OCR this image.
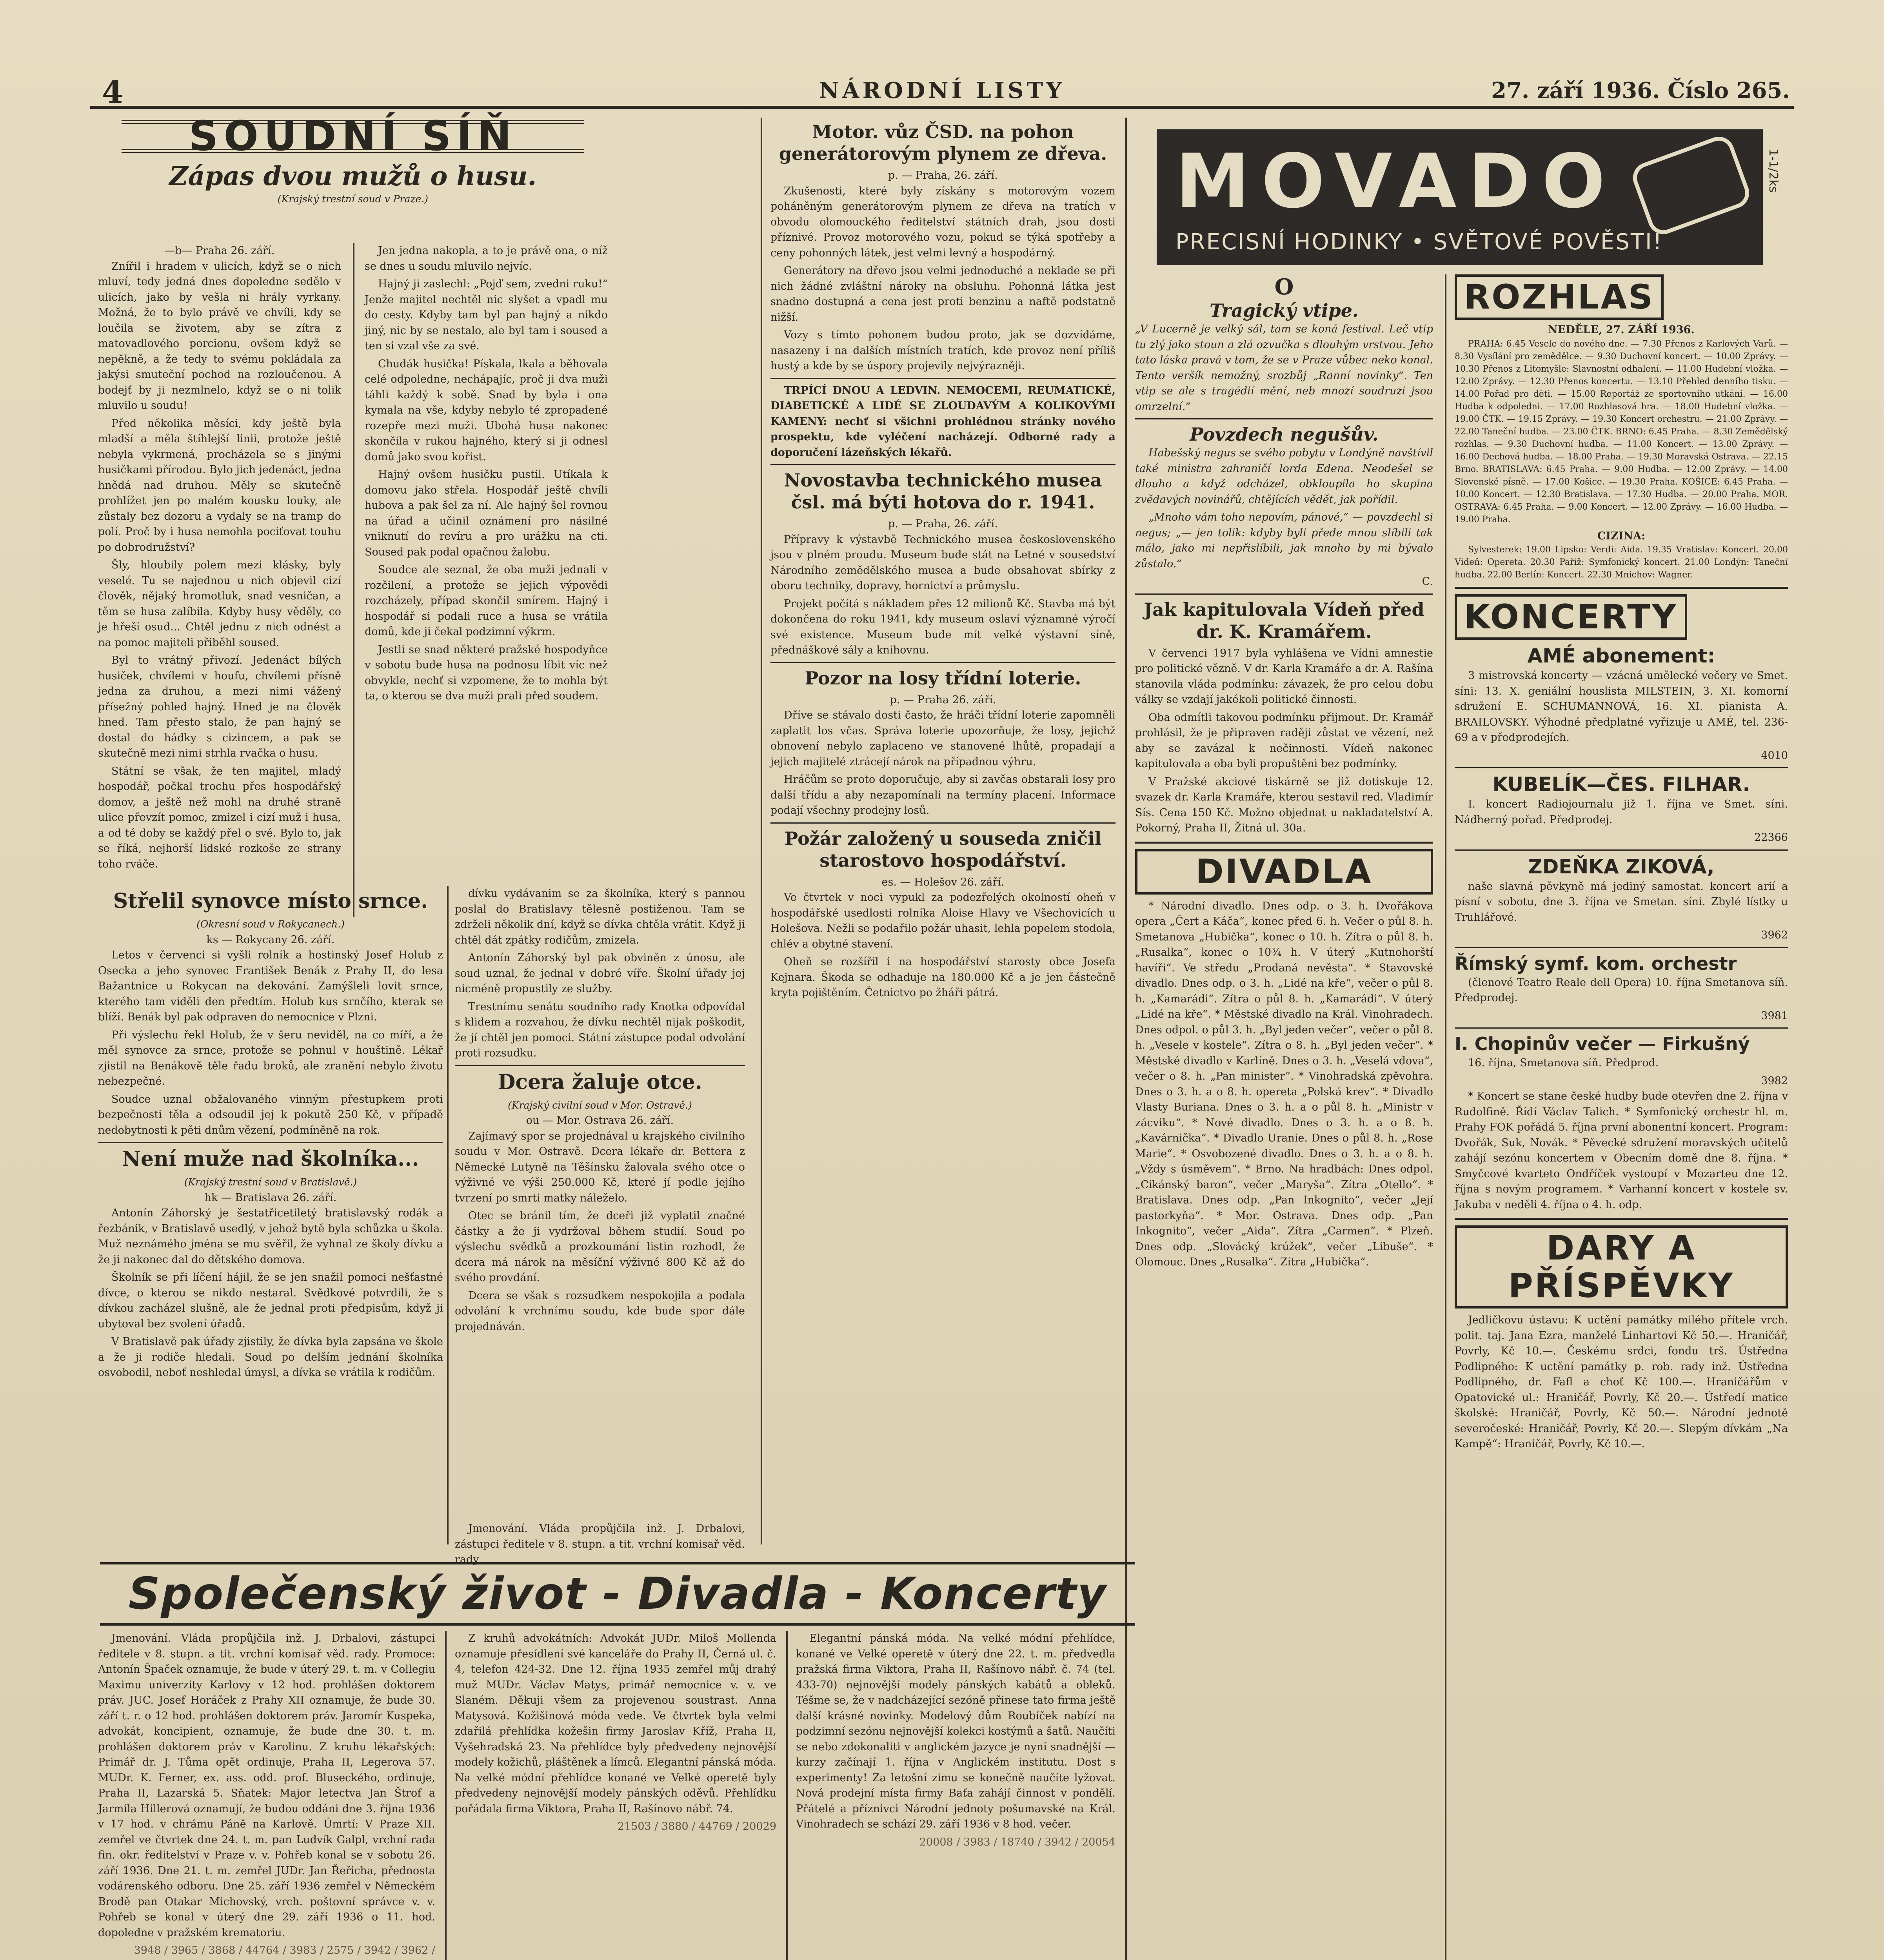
4	NÁRODNÍ LISTY	27. září 1936. Číslo 265.
SOUDNÍ SÍŇ
Zápas dvou mužů o husu.
(Krajský trestní soud v Praze.)
—b— Praha 26. září.

Znířil i hradem v ulicích, když se o nich mluví, tedy jedná dnes dopoledne sedělo v ulicích, jako by vešla ni hrály vyrkany. Možná, že to bylo právě ve chvíli, kdy se loučila se životem, aby se zítra z matovadlového porcionu, ovšem když se nepěkně, a že tedy to svému pokládala za jakýsi smuteční pochod na rozloučenou. A bodejť by ji nezmlnelo, když se o ni tolik mluvilo u soudu!

Před několika měsíci, kdy ještě byla mladší a měla štíhlejší linii, protože ještě nebyla vykrmená, procházela se s jinými husičkami přírodou. Bylo jich jedenáct, jedna hnědá nad druhou. Měly se skutečně prohlížet jen po malém kousku louky, ale zůstaly bez dozoru a vydaly se na tramp do polí. Proč by i husa nemohla pociťovat touhu po dobrodružství?

Šly, hloubily polem mezi klásky, byly veselé. Tu se najednou u nich objevil cizí člověk, nějaký hromotluk, snad vesničan, a těm se husa zalíbila. Kdyby husy věděly, co je hřeší osud... Chtěl jednu z nich odnést a na pomoc majiteli přiběhl soused.

Byl to vrátný přivozí. Jedenáct bílých husiček, chvílemi v houfu, chvílemi přísně jedna za druhou, a mezi nimi vážený přísežný pohled hajný. Hned je na člověk hned. Tam přesto stalo, že pan hajný se dostal do hádky s cizincem, a pak se skutečně mezi nimi strhla rvačka o husu.

Státní se však, že ten majitel, mladý hospodář, počkal trochu přes hospodářský domov, a ještě než mohl na druhé straně ulice převzít pomoc, zmizel i cizí muž i husa, a od té doby se každý přel o své. Bylo to, jak se říká, nejhorší lidské rozkoše ze strany toho rváče.

Jen jedna nakopla, a to je právě ona, o níž se dnes u soudu mluvilo nejvíc.

Hajný ji zaslechl: „Pojď sem, zvedni ruku!“ Jenže majitel nechtěl nic slyšet a vpadl mu do cesty. Kdyby tam byl pan hajný a nikdo jiný, nic by se nestalo, ale byl tam i soused a ten si vzal vše za své.

Chudák husička! Pískala, lkala a běhovala celé odpoledne, nechápajíc, proč ji dva muži táhli každý k sobě. Snad by byla i ona kymala na vše, kdyby nebylo té zpropadené rozepře mezi muži. Ubohá husa nakonec skončila v rukou hajného, který si ji odnesl domů jako svou kořist.

Hajný ovšem husičku pustil. Utíkala k domovu jako střela. Hospodář ještě chvíli hubova a pak šel za ní. Ale hajný šel rovnou na úřad a učinil oznámení pro násilné vniknutí do revíru a pro urážku na cti. Soused pak podal opačnou žalobu.

Soudce ale seznal, že oba muži jednali v rozčilení, a protože se jejich výpovědi rozcházely, případ skončil smírem. Hajný i hospodář si podali ruce a husa se vrátila domů, kde ji čekal podzimní výkrm.

Jestli se snad některé pražské hospodyňce v sobotu bude husa na podnosu líbit víc než obvykle, nechť si vzpomene, že to mohla být ta, o kterou se dva muži prali před soudem.

Střelil synovce místo srnce.
(Okresní soud v Rokycanech.)
ks — Rokycany 26. září.

Letos v červenci si vyšli rolník a hostinský Josef Holub z Osecka a jeho synovec František Benák z Prahy II, do lesa Bažantnice u Rokycan na dekování. Zamýšleli lovit srnce, kterého tam viděli den předtím. Holub kus srnčího, kterak se blíží. Benák byl pak odpraven do nemocnice v Plzni.

Při výslechu řekl Holub, že v šeru neviděl, na co míří, a že měl synovce za srnce, protože se pohnul v houštině. Lékař zjistil na Benákově těle řadu broků, ale zranění nebylo životu nebezpečné.

Soudce uznal obžalovaného vinným přestupkem proti bezpečnosti těla a odsoudil jej k pokutě 250 Kč, v případě nedobytnosti k pěti dnům vězení, podmíněně na rok.

Není muže nad školníka...
(Krajský trestní soud v Bratislavě.)
hk — Bratislava 26. září.

Antonín Záhorský je šestatřicetiletý bratislavský rodák a řezbánik, v Bratislavě usedlý, v jehož bytě byla schůzka u škola. Muž neznámého jména se mu svěřil, že vyhnal ze školy dívku a že ji nakonec dal do dětského domova.

Školník se při líčení hájil, že se jen snažil pomoci nešťastné dívce, o kterou se nikdo nestaral. Svědkové potvrdili, že s dívkou zacházel slušně, ale že jednal proti předpisům, když ji ubytoval bez svolení úřadů.

V Bratislavě pak úřady zjistily, že dívka byla zapsána ve škole a že ji rodiče hledali. Soud po delším jednání školníka osvobodil, neboť neshledal úmysl, a dívka se vrátila k rodičům.

dívku vydávanim se za školníka, který s pannou poslal do Bratislavy tělesně postiženou. Tam se zdrželi několik dní, když se dívka chtěla vrátit. Když ji chtěl dát zpátky rodičům, zmizela.

Antonín Záhorský byl pak obviněn z únosu, ale soud uznal, že jednal v dobré víře. Školní úřady jej nicméně propustily ze služby.

Trestnímu senátu soudního rady Knotka odpovídal s klidem a rozvahou, že dívku nechtěl nijak poškodit, že jí chtěl jen pomoci. Státní zástupce podal odvolání proti rozsudku.

Dcera žaluje otce.
(Krajský civilní soud v Mor. Ostravě.)
ou — Mor. Ostrava 26. září.

Zajímavý spor se projednával u krajského civilního soudu v Mor. Ostravě. Dcera lékaře dr. Bettera z Německé Lutyně na Těšínsku žalovala svého otce o výživné ve výši 250.000 Kč, které jí podle jejího tvrzení po smrti matky náleželo.

Otec se bránil tím, že dceři již vyplatil značné částky a že ji vydržoval během studií. Soud po výslechu svědků a prozkoumání listin rozhodl, že dcera má nárok na měsíční výživné 800 Kč až do svého provdání.

Dcera se však s rozsudkem nespokojila a podala odvolání k vrchnímu soudu, kde bude spor dále projednáván.

Motor. vůz ČSD. na pohon generátorovým plynem ze dřeva.
p. — Praha, 26. září.

Zkušenosti, které byly získány s motorovým vozem poháněným generátorovým plynem ze dřeva na tratích v obvodu olomouckého ředitelství státních drah, jsou dosti příznivé. Provoz motorového vozu, pokud se týká spotřeby a ceny pohonných látek, jest velmi levný a hospodárný.

Generátory na dřevo jsou velmi jednoduché a neklade se při nich žádné zvláštní nároky na obsluhu. Pohonná látka jest snadno dostupná a cena jest proti benzinu a naftě podstatně nižší.

Vozy s tímto pohonem budou proto, jak se dozvídáme, nasazeny i na dalších místních tratích, kde provoz není příliš hustý a kde by se úspory projevily nejvýrazněji.

TRPÍCÍ DNOU A LEDVIN. NEMOCEMI, REUMATICKÉ, DIABETICKÉ A LIDÉ SE ZLOUDAVÝM A KOLIKOVÝMI KAMENY: nechť si všichni prohlédnou stránky nového prospektu, kde vyléčení nacházejí. Odborné rady a doporučení lázeňských lékařů.

Novostavba technického musea čsl. má býti hotova do r. 1941.
p. — Praha, 26. září.

Přípravy k výstavbě Technického musea československého jsou v plném proudu. Museum bude stát na Letné v sousedství Národního zemědělského musea a bude obsahovat sbírky z oboru techniky, dopravy, hornictví a průmyslu.

Projekt počítá s nákladem přes 12 milionů Kč. Stavba má být dokončena do roku 1941, kdy museum oslaví významné výročí své existence. Museum bude mít velké výstavní síně, přednáškové sály a knihovnu.

Pozor na losy třídní loterie.
p. — Praha 26. září.

Dříve se stávalo dosti často, že hráči třídní loterie zapomněli zaplatit los včas. Správa loterie upozorňuje, že losy, jejichž obnovení nebylo zaplaceno ve stanovené lhůtě, propadají a jejich majitelé ztrácejí nárok na případnou výhru.

Hráčům se proto doporučuje, aby si zavčas obstarali losy pro další třídu a aby nezapomínali na termíny placení. Informace podají všechny prodejny losů.

Požár založený u souseda zničil starostovo hospodářství.
es. — Holešov 26. září.

Ve čtvrtek v noci vypukl za podezřelých okolností oheň v hospodářské usedlosti rolníka Aloise Hlavy ve Všechovicích u Holešova. Nežli se podařilo požár uhasit, lehla popelem stodola, chlév a obytné stavení.

Oheň se rozšířil i na hospodářství starosty obce Josefa Kejnara. Škoda se odhaduje na 180.000 Kč a je jen částečně kryta pojištěním. Četnictvo po žháři pátrá.

MOVADO
PRECISNÍ HODINKY • SVĚTOVÉ POVĚSTI!
1-1/2ks
O
Tragický vtipe.

„V Lucerně je velký sál, tam se koná festival. Leč vtip tu zlý jako stoun a zlá ozvučka s dlouhým vrstvou. Jeho tato láska pravá v tom, že se v Praze vůbec neko konal. Tento veršík nemožný, srozbůj „Ranní novinky“. Ten vtip se ale s tragédií mění, neb mnozí soudruzi jsou omrzelní.“

Povzdech negušův.

Habešský negus se svého pobytu v Londýně navštívil také ministra zahraničí lorda Edena. Neodešel se dlouho a když odcházel, obkloupila ho skupina zvědavých novinářů, chtějících vědět, jak pořídil.

„Mnoho vám toho nepovím, pánové,“ — povzdechl si negus; „— jen tolik: kdyby byli přede mnou slíbili tak málo, jako mi nepřislíbili, jak mnoho by mi bývalo zůstalo.“

C.
Jak kapitulovala Vídeň před dr. K. Kramářem.

V červenci 1917 byla vyhlášena ve Vídni amnestie pro politické vězně. V dr. Karla Kramáře a dr. A. Rašína stanovila vláda podmínku: závazek, že pro celou dobu války se vzdají jakékoli politické činnosti.

Oba odmítli takovou podmínku přijmout. Dr. Kramář prohlásil, že je připraven raději zůstat ve vězení, než aby se zavázal k nečinnosti. Vídeň nakonec kapitulovala a oba byli propuštěni bez podmínky.

V Pražské akciové tiskárně se již dotiskuje 12. svazek dr. Karla Kramáře, kterou sestavil red. Vladimír Sís. Cena 150 Kč. Možno objednat u nakladatelství A. Pokorný, Praha II, Žitná ul. 30a.

DIVADLA

* Národní divadlo. Dnes odp. o 3. h. Dvořákova opera „Čert a Káča“, konec před 6. h. Večer o půl 8. h. Smetanova „Hubička“, konec o 10. h. Zítra o půl 8. h. „Rusalka“, konec o 10¾ h. V úterý „Kutnohorští havíři“. Ve středu „Prodaná nevěsta“. * Stavovské divadlo. Dnes odp. o 3. h. „Lidé na kře“, večer o půl 8. h. „Kamarádi“. Zítra o půl 8. h. „Kamarádi“. V úterý „Lidé na kře“. * Městské divadlo na Král. Vinohradech. Dnes odpol. o půl 3. h. „Byl jeden večer“, večer o půl 8. h. „Vesele v kostele“. Zítra o 8. h. „Byl jeden večer“. * Městské divadlo v Karlíně. Dnes o 3. h. „Veselá vdova“, večer o 8. h. „Pan minister“. * Vinohradská zpěvohra. Dnes o 3. h. a o 8. h. opereta „Polská krev“. * Divadlo Vlasty Buriana. Dnes o 3. h. a o půl 8. h. „Ministr v zácviku“. * Nové divadlo. Dnes o 3. h. a o 8. h. „Kavárnička“. * Divadlo Uranie. Dnes o půl 8. h. „Rose Marie“. * Osvobozené divadlo. Dnes o 3. h. a o 8. h. „Vždy s úsměvem“. * Brno. Na hradbách: Dnes odpol. „Cikánský baron“, večer „Maryša“. Zítra „Otello“. * Bratislava. Dnes odp. „Pan Inkognito“, večer „Její pastorkyňa“. * Mor. Ostrava. Dnes odp. „Pan Inkognito“, večer „Aida“. Zítra „Carmen“. * Plzeň. Dnes odp. „Slovácký krúžek“, večer „Libuše“. * Olomouc. Dnes „Rusalka“. Zítra „Hubička“.

ROZHLAS
NEDĚLE, 27. ZÁŘÍ 1936.

PRAHA: 6.45 Vesele do nového dne. — 7.30 Přenos z Karlových Varů. — 8.30 Vysílání pro zemědělce. — 9.30 Duchovní koncert. — 10.00 Zprávy. — 10.30 Přenos z Litomyšle: Slavnostní odhalení. — 11.00 Hudební vložka. — 12.00 Zprávy. — 12.30 Přenos koncertu. — 13.10 Přehled denního tisku. — 14.00 Pořad pro děti. — 15.00 Reportáž ze sportovního utkání. — 16.00 Hudba k odpoledni. — 17.00 Rozhlasová hra. — 18.00 Hudební vložka. — 19.00 ČTK. — 19.15 Zprávy. — 19.30 Koncert orchestru. — 21.00 Zprávy. — 22.00 Taneční hudba. — 23.00 ČTK. BRNO: 6.45 Praha. — 8.30 Zemědělský rozhlas. — 9.30 Duchovní hudba. — 11.00 Koncert. — 13.00 Zprávy. — 16.00 Dechová hudba. — 18.00 Praha. — 19.30 Moravská Ostrava. — 22.15 Brno. BRATISLAVA: 6.45 Praha. — 9.00 Hudba. — 12.00 Zprávy. — 14.00 Slovenské písně. — 17.00 Košice. — 19.30 Praha. KOŠICE: 6.45 Praha. — 10.00 Koncert. — 12.30 Bratislava. — 17.30 Hudba. — 20.00 Praha. MOR. OSTRAVA: 6.45 Praha. — 9.00 Koncert. — 12.00 Zprávy. — 16.00 Hudba. — 19.00 Praha.

CIZINA:

Sylvesterek: 19.00 Lipsko: Verdi: Aida. 19.35 Vratislav: Koncert. 20.00 Vídeň: Opereta. 20.30 Paříž: Symfonický koncert. 21.00 Londýn: Taneční hudba. 22.00 Berlín: Koncert. 22.30 Mnichov: Wagner.

KONCERTY
AMÉ abonement:

3 mistrovská koncerty — vzácná umělecké večery ve Smet. síni: 13. X. geniální houslista MILSTEIN, 3. XI. komorní sdružení E. SCHUMANNOVÁ, 16. XI. pianista A. BRAILOVSKY. Výhodné předplatné vyřizuje u AMÉ, tel. 236-69 a v předprodejích.

4010
KUBELÍK—ČES. FILHAR.

I. koncert Radiojournalu již 1. října ve Smet. síni. Nádherný pořad. Předprodej.

22366
ZDEŇKA ZIKOVÁ,

naše slavná pěvkyně má jediný samostat. koncert arií a písní v sobotu, dne 3. října ve Smetan. síni. Zbylé lístky u Truhlářové.

3962
Římský symf. kom. orchestr

(členové Teatro Reale dell Opera) 10. října Smetanova síň. Předprodej.

3981
I. Chopinův večer — Firkušný

16. října, Smetanova síň. Předprod.

3982

* Koncert se stane české hudby bude otevřen dne 2. října v Rudolfině. Řídí Václav Talich. * Symfonický orchestr hl. m. Prahy FOK pořádá 5. října první abonentní koncert. Program: Dvořák, Suk, Novák. * Pěvecké sdružení moravských učitelů zahájí sezónu koncertem v Obecním domě dne 8. října. * Smyčcové kvarteto Ondříček vystoupí v Mozarteu dne 12. října s novým programem. * Varhanní koncert v kostele sv. Jakuba v neděli 4. října o 4. h. odp.

DARY A PŘÍSPĚVKY

Jedličkovu ústavu: K uctění památky milého přítele vrch. polit. taj. Jana Ezra, manželé Linhartovi Kč 50.—. Hraničář, Povrly, Kč 10.—. Českému srdci, fondu trš. Ústředna Podlipného: K uctění památky p. rob. rady inž. Ústředna Podlipného, dr. Fafl a choť Kč 100.—. Hraničářům v Opatovické ul.: Hraničář, Povrly, Kč 20.—. Ústředí matice školské: Hraničář, Povrly, Kč 50.—. Národní jednotě severočeské: Hraničář, Povrly, Kč 20.—. Slepým dívkám „Na Kampě“: Hraničář, Povrly, Kč 10.—.

Společenský život - Divadla - Koncerty

Jmenování. Vláda propůjčila inž. J. Drbalovi, zástupci ředitele v 8. stupn. a tit. vrchní komisař věd. rady. Promoce: Antonín Špaček oznamuje, že bude v úterý 29. t. m. v Collegiu Maximu univerzity Karlovy v 12 hod. prohlášen doktorem práv. JUC. Josef Horáček z Prahy XII oznamuje, že bude 30. září t. r. o 12 hod. prohlášen doktorem práv. Jaromír Kuspeka, advokát, koncipient, oznamuje, že bude dne 30. t. m. prohlášen doktorem práv v Karolinu. Z kruhu lékařských: Primář dr. J. Tůma opět ordinuje, Praha II, Legerova 57. MUDr. K. Ferner, ex. ass. odd. prof. Bluseckého, ordinuje, Praha II, Lazarská 5. Sňatek: Major letectva Jan Štrof a Jarmila Hillerová oznamují, že budou oddáni dne 3. října 1936 v 17 hod. v chrámu Páně na Karlově. Úmrtí: V Praze XII. zemřel ve čtvrtek dne 24. t. m. pan Ludvík Galpl, vrchní rada fin. okr. ředitelství v Praze v. v. Pohřeb konal se v sobotu 26. září 1936. Dne 21. t. m. zemřel JUDr. Jan Řeřicha, přednosta vodárenského odboru. Dne 25. září 1936 zemřel v Německém Brodě pan Otakar Michovský, vrch. poštovní správce v. v. Pohřeb se konal v úterý dne 29. září 1936 o 11. hod. dopoledne v pražském krematoriu.

3948 / 3965 / 3868 / 44764 / 3983 / 2575 / 3942 / 3962 /

Z kruhů advokátních: Advokát JUDr. Miloš Mollenda oznamuje přesídlení své kanceláře do Prahy II, Černá ul. č. 4, telefon 424-32. Dne 12. října 1935 zemřel můj drahý muž MUDr. Václav Matys, primář nemocnice v. v. ve Slaném. Děkuji všem za projevenou soustrast. Anna Matysová. Kožišinová móda vede. Ve čtvrtek byla velmi zdařilá přehlídka kožešin firmy Jaroslav Kříž, Praha II, Vyšehradská 23. Na přehlídce byly předvedeny nejnovější modely kožichů, pláštěnek a límců. Elegantní pánská móda. Na velké módní přehlídce konané ve Velké operetě byly předvedeny nejnovější modely pánských oděvů. Přehlídku pořádala firma Viktora, Praha II, Rašínovo nábř. 74.

21503 / 3880 / 44769 / 20029

Elegantní pánská móda. Na velké módní přehlídce, konané ve Velké operetě v úterý dne 22. t. m. předvedla pražská firma Viktora, Praha II, Rašínovo nábř. č. 74 (tel. 433-70) nejnovější modely pánských kabátů a obleků. Téšme se, že v nadcházející sezóně přinese tato firma ještě další krásné novinky. Modelový dům Roubíček nabízí na podzimní sezónu nejnovější kolekci kostýmů a šatů. Naučíti se nebo zdokonaliti v anglickém jazyce je nyní snadnější — kurzy začínají 1. října v Anglickém institutu. Dost s experimenty! Za letošní zimu se konečně naučíte lyžovat. Nová prodejní místa firmy Baťa zahájí činnost v pondělí. Přátelé a příznivci Národní jednoty pošumavské na Král. Vinohradech se schází 29. září 1936 v 8 hod. večer.

20008 / 3983 / 18740 / 3942 / 20054

Jmenování. Vláda propůjčila inž. J. Drbalovi, zástupci ředitele v 8. stupn. a tit. vrchní komisař věd. rady.
